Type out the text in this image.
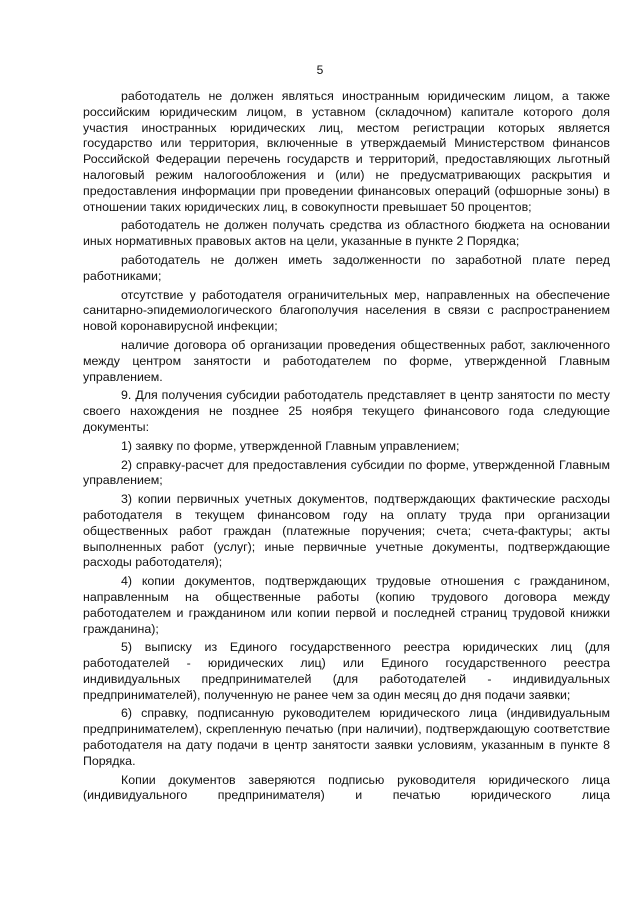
5

работодатель не должен являться иностранным юридическим лицом, а также российским юридическим лицом, в уставном (складочном) капитале которого доля участия иностранных юридических лиц, местом регистрации которых является государство или территория, включенные в утверждаемый Министерством финансов Российской Федерации перечень государств и территорий, предоставляющих льготный налоговый режим налогообложения и (или) не предусматривающих раскрытия и предоставления информации при проведении финансовых операций (офшорные зоны) в отношении таких юридических лиц, в совокупности превышает 50 процентов;

работодатель не должен получать средства из областного бюджета на основании иных нормативных правовых актов на цели, указанные в пункте 2 Порядка;

работодатель не должен иметь задолженности по заработной плате перед работниками;

отсутствие у работодателя ограничительных мер, направленных на обеспечение санитарно-эпидемиологического благополучия населения в связи с распространением новой коронавирусной инфекции;

наличие договора об организации проведения общественных работ, заключенного между центром занятости и работодателем по форме, утвержденной Главным управлением.

9. Для получения субсидии работодатель представляет в центр занятости по месту своего нахождения не позднее 25 ноября текущего финансового года следующие документы:

1) заявку по форме, утвержденной Главным управлением;

2) справку-расчет для предоставления субсидии по форме, утвержденной Главным управлением;

3) копии первичных учетных документов, подтверждающих фактические расходы работодателя в текущем финансовом году на оплату труда при организации общественных работ граждан (платежные поручения; счета; счета-фактуры; акты выполненных работ (услуг); иные первичные учетные документы, подтверждающие расходы работодателя);

4) копии документов, подтверждающих трудовые отношения с гражданином, направленным на общественные работы (копию трудового договора между работодателем и гражданином или копии первой и последней страниц трудовой книжки гражданина);

5) выписку из Единого государственного реестра юридических лиц (для работодателей - юридических лиц) или Единого государственного реестра индивидуальных предпринимателей (для работодателей - индивидуальных предпринимателей), полученную не ранее чем за один месяц до дня подачи заявки;

6) справку, подписанную руководителем юридического лица (индивидуальным предпринимателем), скрепленную печатью (при наличии), подтверждающую соответствие работодателя на дату подачи в центр занятости заявки условиям, указанным в пункте 8 Порядка.

Копии документов заверяются подписью руководителя юридического лица (индивидуального предпринимателя) и печатью юридического лица
